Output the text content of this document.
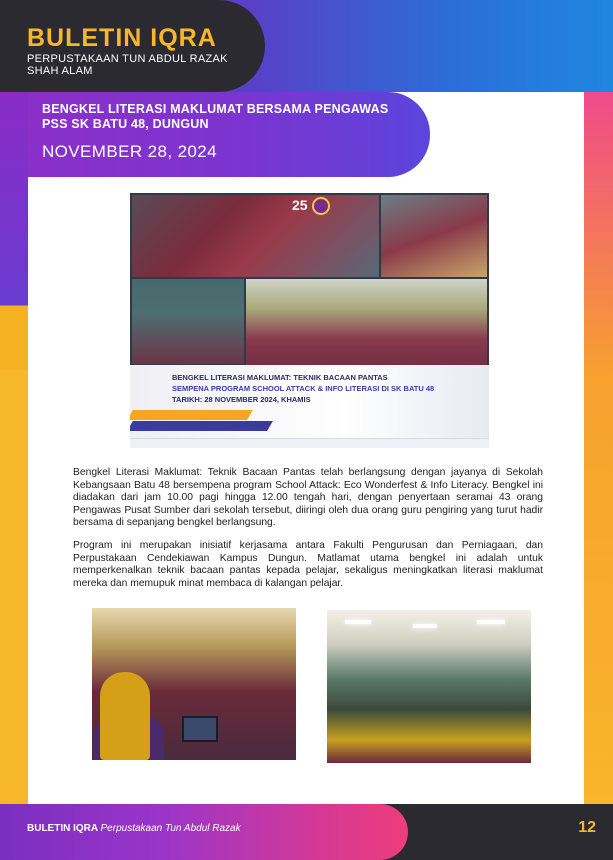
BULETIN IQRA
PERPUSTAKAAN TUN ABDUL RAZAK
SHAH ALAM
BENGKEL LITERASI MAKLUMAT BERSAMA PENGAWAS
PSS SK BATU 48, DUNGUN
NOVEMBER 28, 2024
25
BENGKEL LITERASI MAKLUMAT: TEKNIK BACAAN PANTAS
SEMPENA PROGRAM SCHOOL ATTACK & INFO LITERASI DI SK BATU 48
TARIKH: 28 NOVEMBER 2024, KHAMIS

Bengkel Literasi Maklumat: Teknik Bacaan Pantas telah berlangsung dengan jayanya di Sekolah Kebangsaan Batu 48 bersempena program School Attack: Eco Wonderfest & Info Literacy. Bengkel ini diadakan dari jam 10.00 pagi hingga 12.00 tengah hari, dengan penyertaan seramai 43 orang Pengawas Pusat Sumber dari sekolah tersebut, diiringi oleh dua orang guru pengiring yang turut hadir bersama di sepanjang bengkel berlangsung.

Program ini merupakan inisiatif kerjasama antara Fakulti Pengurusan dan Perniagaan, dan Perpustakaan Cendekiawan Kampus Dungun. Matlamat utama bengkel ini adalah untuk memperkenalkan teknik bacaan pantas kepada pelajar, sekaligus meningkatkan literasi maklumat mereka dan memupuk minat membaca di kalangan pelajar.

BULETIN IQRA Perpustakaan Tun Abdul Razak	12
